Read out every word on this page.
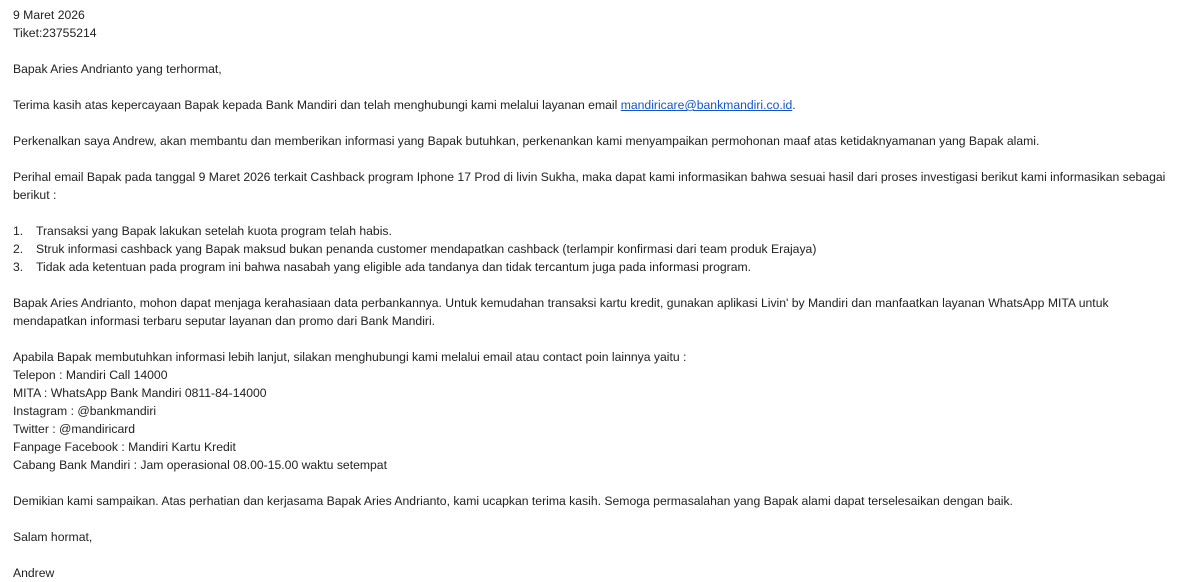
9 Maret 2026

Tiket:23755214

Bapak Aries Andrianto yang terhormat,

Terima kasih atas kepercayaan Bapak kepada Bank Mandiri dan telah menghubungi kami melalui layanan email mandiricare@bankmandiri.co.id.

Perkenalkan saya Andrew, akan membantu dan memberikan informasi yang Bapak butuhkan, perkenankan kami menyampaikan permohonan maaf atas ketidaknyamanan yang Bapak alami.

Perihal email Bapak pada tanggal 9 Maret 2026 terkait Cashback program Iphone 17 Prod di livin Sukha, maka dapat kami informasikan bahwa sesuai hasil dari proses investigasi berikut kami informasikan sebagai berikut :

1.	Transaksi yang Bapak lakukan setelah kuota program telah habis.
2.	Struk informasi cashback yang Bapak maksud bukan penanda customer mendapatkan cashback (terlampir konfirmasi dari team produk Erajaya)
3.	Tidak ada ketentuan pada program ini bahwa nasabah yang eligible ada tandanya dan tidak tercantum juga pada informasi program.

Bapak Aries Andrianto, mohon dapat menjaga kerahasiaan data perbankannya. Untuk kemudahan transaksi kartu kredit, gunakan aplikasi Livin' by Mandiri dan manfaatkan layanan WhatsApp MITA untuk mendapatkan informasi terbaru seputar layanan dan promo dari Bank Mandiri.

Apabila Bapak membutuhkan informasi lebih lanjut, silakan menghubungi kami melalui email atau contact poin lainnya yaitu :

Telepon : Mandiri Call 14000

MITA : WhatsApp Bank Mandiri 0811-84-14000

Instagram : @bankmandiri

Twitter : @mandiricard

Fanpage Facebook : Mandiri Kartu Kredit

Cabang Bank Mandiri : Jam operasional 08.00-15.00 waktu setempat

Demikian kami sampaikan. Atas perhatian dan kerjasama Bapak Aries Andrianto, kami ucapkan terima kasih. Semoga permasalahan yang Bapak alami dapat terselesaikan dengan baik.

Salam hormat,

Andrew
